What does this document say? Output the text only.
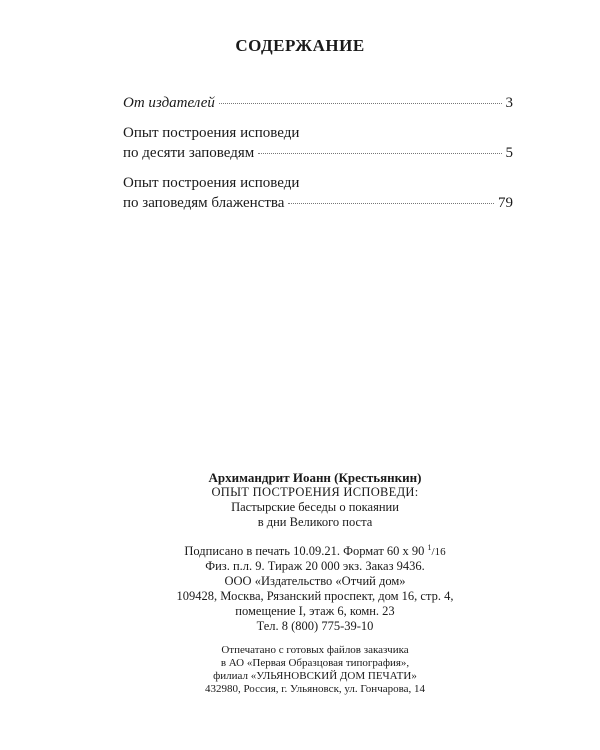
СОДЕРЖАНИЕ
От издателей	3
Опыт построения исповеди
по десяти заповедям	5
Опыт построения исповеди
по заповедям блаженства	79
Архимандрит Иоанн (Крестьянкин)
ОПЫТ ПОСТРОЕНИЯ ИСПОВЕДИ:
Пастырские беседы о покаянии
в дни Великого поста
Подписано в печать 10.09.21. Формат 60 x 90 $^1$/16
Физ. п.л. 9. Тираж 20 000 экз. Заказ 9436.
ООО «Издательство «Отчий дом»
109428, Москва, Рязанский проспект, дом 16, стр. 4,
помещение I, этаж 6, комн. 23
Тел. 8 (800) 775-39-10
Отпечатано с готовых файлов заказчика
в АО «Первая Образцовая типография»,
филиал «УЛЬЯНОВСКИЙ ДОМ ПЕЧАТИ»
432980, Россия, г. Ульяновск, ул. Гончарова, 14
